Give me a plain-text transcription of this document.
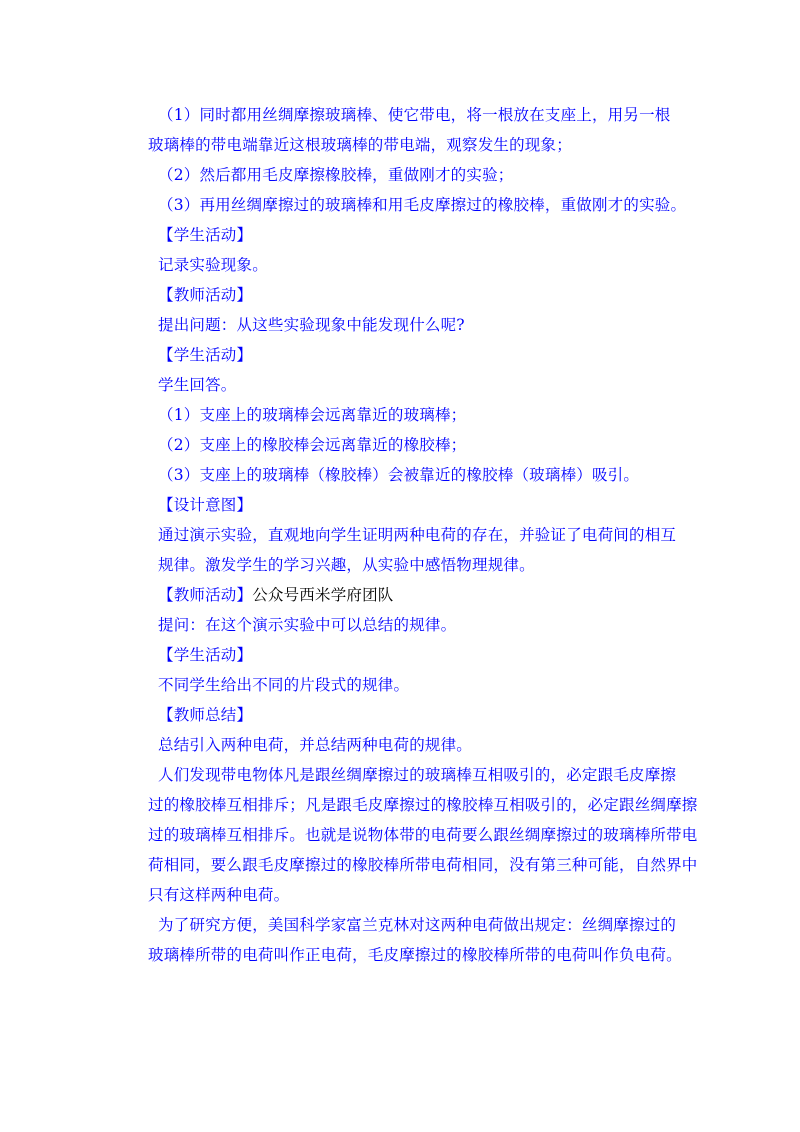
（1）同时都用丝绸摩擦玻璃棒、使它带电，将一根放在支座上，用另一根
玻璃棒的带电端靠近这根玻璃棒的带电端，观察发生的现象；
（2）然后都用毛皮摩擦橡胶棒，重做刚才的实验；
（3）再用丝绸摩擦过的玻璃棒和用毛皮摩擦过的橡胶棒，重做刚才的实验。
【学生活动】
记录实验现象。
【教师活动】
提出问题：从这些实验现象中能发现什么呢?
【学生活动】
学生回答。
（1）支座上的玻璃棒会远离靠近的玻璃棒；
（2）支座上的橡胶棒会远离靠近的橡胶棒；
（3）支座上的玻璃棒（橡胶棒）会被靠近的橡胶棒（玻璃棒）吸引。
【设计意图】
通过演示实验，直观地向学生证明两种电荷的存在，并验证了电荷间的相互
规律。激发学生的学习兴趣，从实验中感悟物理规律。
【教师活动】公众号西米学府团队
提问：在这个演示实验中可以总结的规律。
【学生活动】
不同学生给出不同的片段式的规律。
【教师总结】
总结引入两种电荷，并总结两种电荷的规律。
人们发现带电物体凡是跟丝绸摩擦过的玻璃棒互相吸引的，必定跟毛皮摩擦
过的橡胶棒互相排斥；凡是跟毛皮摩擦过的橡胶棒互相吸引的，必定跟丝绸摩擦
过的玻璃棒互相排斥。也就是说物体带的电荷要么跟丝绸摩擦过的玻璃棒所带电
荷相同，要么跟毛皮摩擦过的橡胶棒所带电荷相同，没有第三种可能，自然界中
只有这样两种电荷。
为了研究方便，美国科学家富兰克林对这两种电荷做出规定：丝绸摩擦过的
玻璃棒所带的电荷叫作正电荷，毛皮摩擦过的橡胶棒所带的电荷叫作负电荷。
